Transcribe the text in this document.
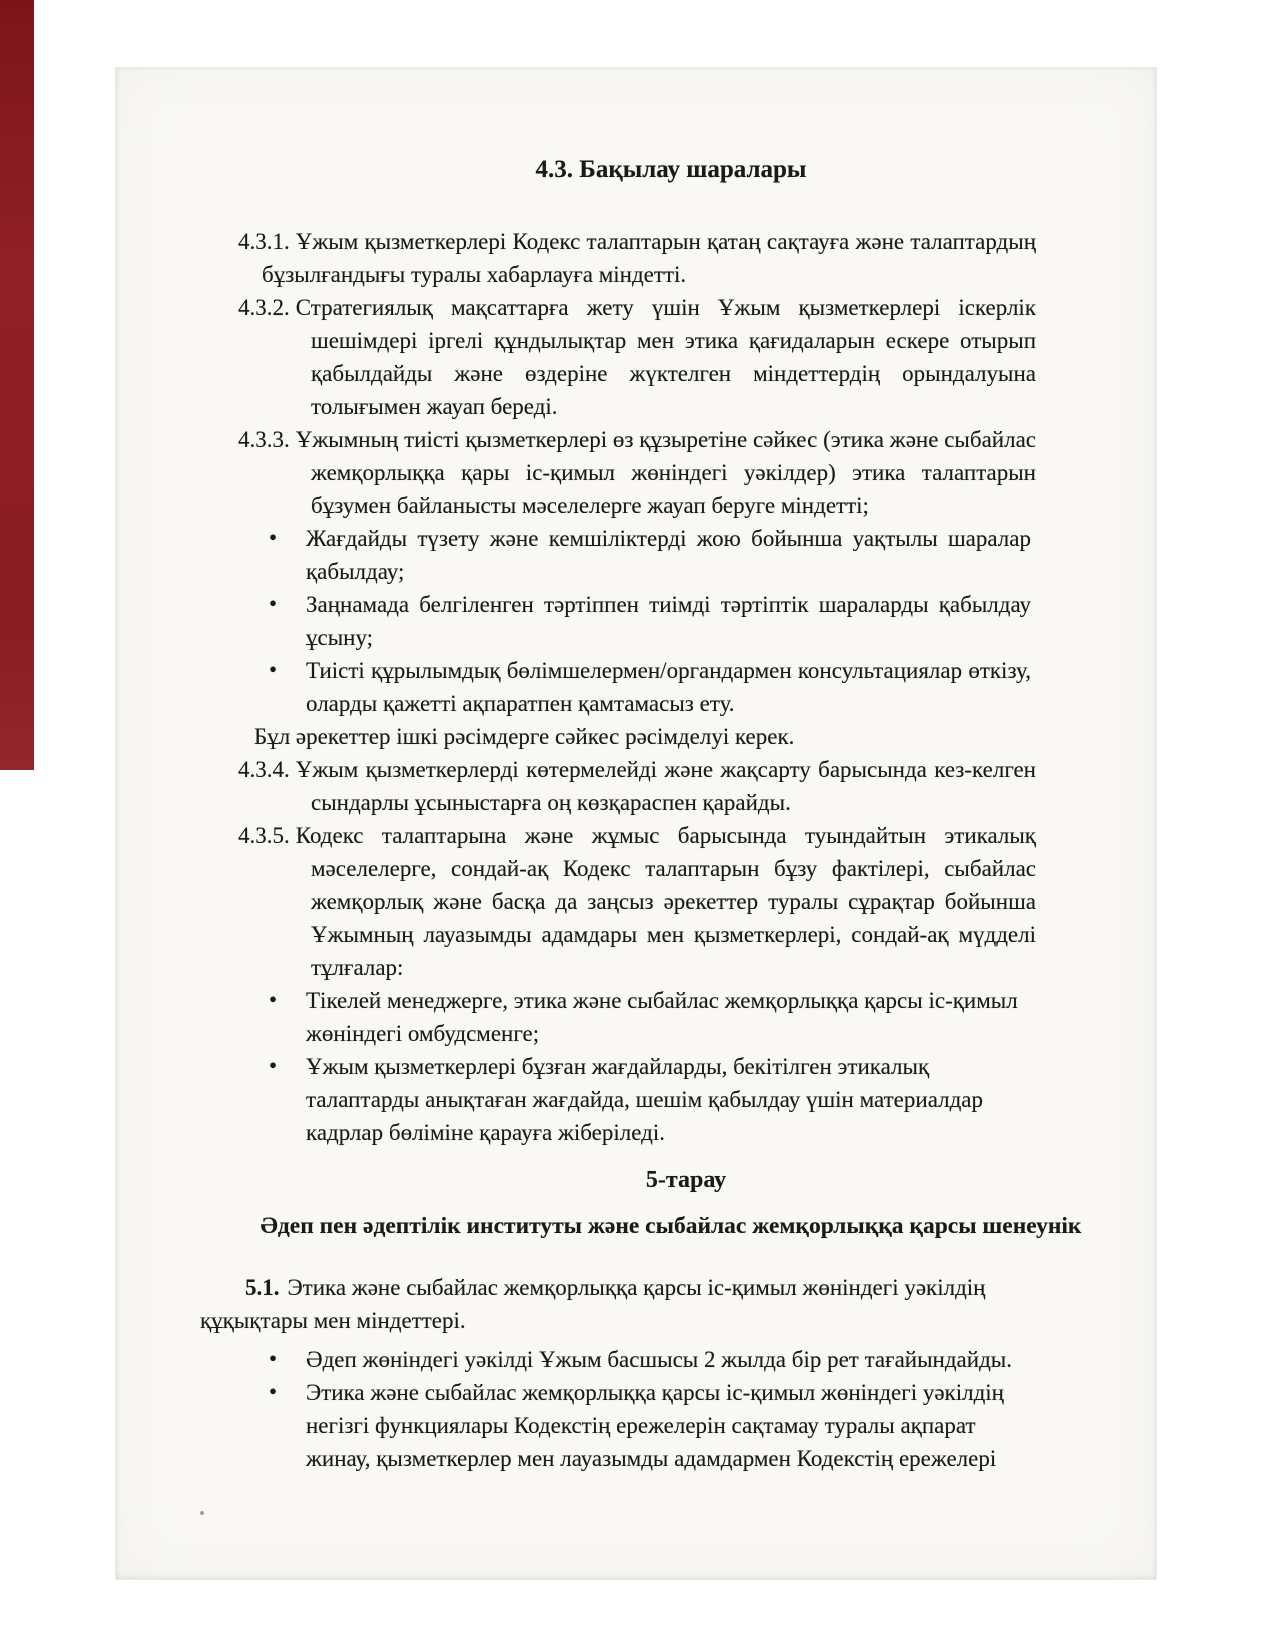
4.3. Бақылау шаралары

4.3.1. Ұжым қызметкерлері Кодекс талаптарын қатаң сақтауға және талаптардың бұзылғандығы туралы хабарлауға міндетті.

4.3.2. Стратегиялық мақсаттарға жету үшін Ұжым қызметкерлері іскерлік шешімдері іргелі құндылықтар мен этика қағидаларын ескере отырып қабылдайды және өздеріне жүктелген міндеттердің орындалуына толығымен жауап береді.

4.3.3. Ұжымның тиісті қызметкерлері өз құзыретіне сәйкес (этика және сыбайлас жемқорлыққа қары іс-қимыл жөніндегі уәкілдер) этика талаптарын бұзумен байланысты мәселелерге жауап беруге міндетті;

• Жағдайды түзету және кемшіліктерді жою бойынша уақтылы шаралар қабылдау;
• Заңнамада белгіленген тәртіппен тиімді тәртіптік шараларды қабылдау ұсыну;
• Тиісті құрылымдық бөлімшелермен/органдармен консультациялар өткізу, оларды қажетті ақпаратпен қамтамасыз ету.

Бұл әрекеттер ішкі рәсімдерге сәйкес рәсімделуі керек.

4.3.4. Ұжым қызметкерлерді көтермелейді және жақсарту барысында кез-келген сындарлы ұсыныстарға оң көзқараспен қарайды.

4.3.5. Кодекс талаптарына және жұмыс барысында туындайтын этикалық мәселелерге, сондай-ақ Кодекс талаптарын бұзу фактілері, сыбайлас жемқорлық және басқа да заңсыз әрекеттер туралы сұрақтар бойынша Ұжымның лауазымды адамдары мен қызметкерлері, сондай-ақ мүдделі тұлғалар:

• Тікелей менеджерге, этика және сыбайлас жемқорлыққа қарсы іс-қимыл жөніндегі омбудсменге;
• Ұжым қызметкерлері бұзған жағдайларды, бекітілген этикалық талаптарды анықтаған жағдайда, шешім қабылдау үшін материалдар кадрлар бөліміне қарауға жіберіледі.
5-тарау
Әдеп пен әдептілік институты және сыбайлас жемқорлыққа қарсы шенеунік

5.1. Этика және сыбайлас жемқорлыққа қарсы іс-қимыл жөніндегі уәкілдің құқықтары мен міндеттері.

• Әдеп жөніндегі уәкілді Ұжым басшысы 2 жылда бір рет тағайындайды.
• Этика және сыбайлас жемқорлыққа қарсы іс-қимыл жөніндегі уәкілдің негізгі функциялары Кодекстің ережелерін сақтамау туралы ақпарат жинау, қызметкерлер мен лауазымды адамдармен Кодекстің ережелері
